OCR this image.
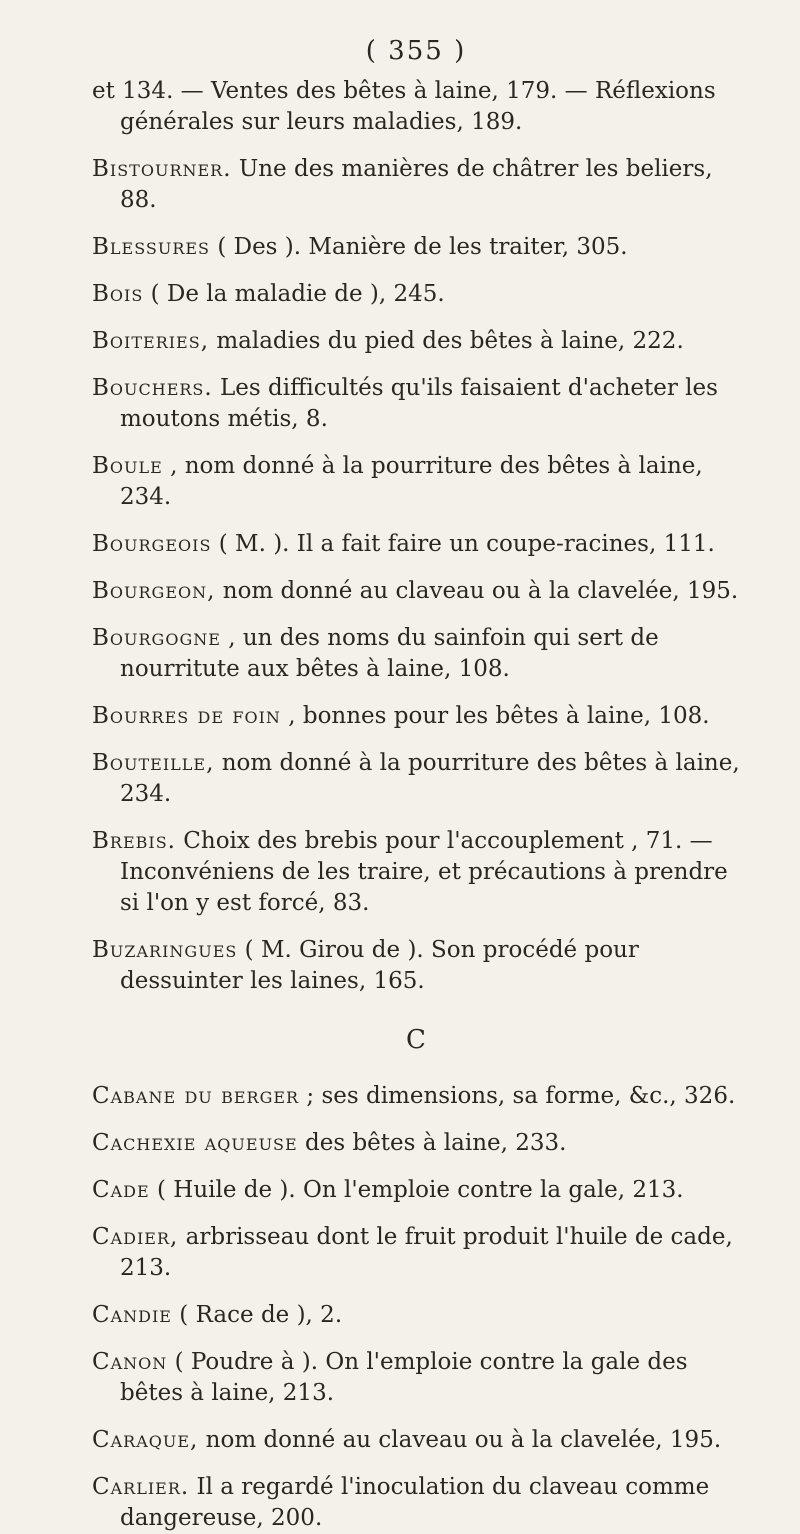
( 355 )

et 134. — Ventes des bêtes à laine, 179. — Réflexions générales sur leurs maladies, 189.

Bistourner. Une des manières de châtrer les beliers, 88.

Blessures ( Des ). Manière de les traiter, 305.

Bois ( De la maladie de ), 245.

Boiteries, maladies du pied des bêtes à laine, 222.

Bouchers. Les difficultés qu'ils faisaient d'acheter les moutons métis, 8.

Boule , nom donné à la pourriture des bêtes à laine, 234.

Bourgeois ( M. ). Il a fait faire un coupe-racines, 111.

Bourgeon, nom donné au claveau ou à la clavelée, 195.

Bourgogne , un des noms du sainfoin qui sert de nourritute aux bêtes à laine, 108.

Bourres de foin , bonnes pour les bêtes à laine, 108.

Bouteille, nom donné à la pourriture des bêtes à laine, 234.

Brebis. Choix des brebis pour l'accouplement , 71. — Inconvéniens de les traire, et précautions à prendre si l'on y est forcé, 83.

Buzaringues ( M. Girou de ). Son procédé pour dessuinter les laines, 165.

C

Cabane du berger ; ses dimensions, sa forme, &c., 326.

Cachexie aqueuse des bêtes à laine, 233.

Cade ( Huile de ). On l'emploie contre la gale, 213.

Cadier, arbrisseau dont le fruit produit l'huile de cade, 213.

Candie ( Race de ), 2.

Canon ( Poudre à ). On l'emploie contre la gale des bêtes à laine, 213.

Caraque, nom donné au claveau ou à la clavelée, 195.

Carlier. Il a regardé l'inoculation du claveau comme dangereuse, 200.
